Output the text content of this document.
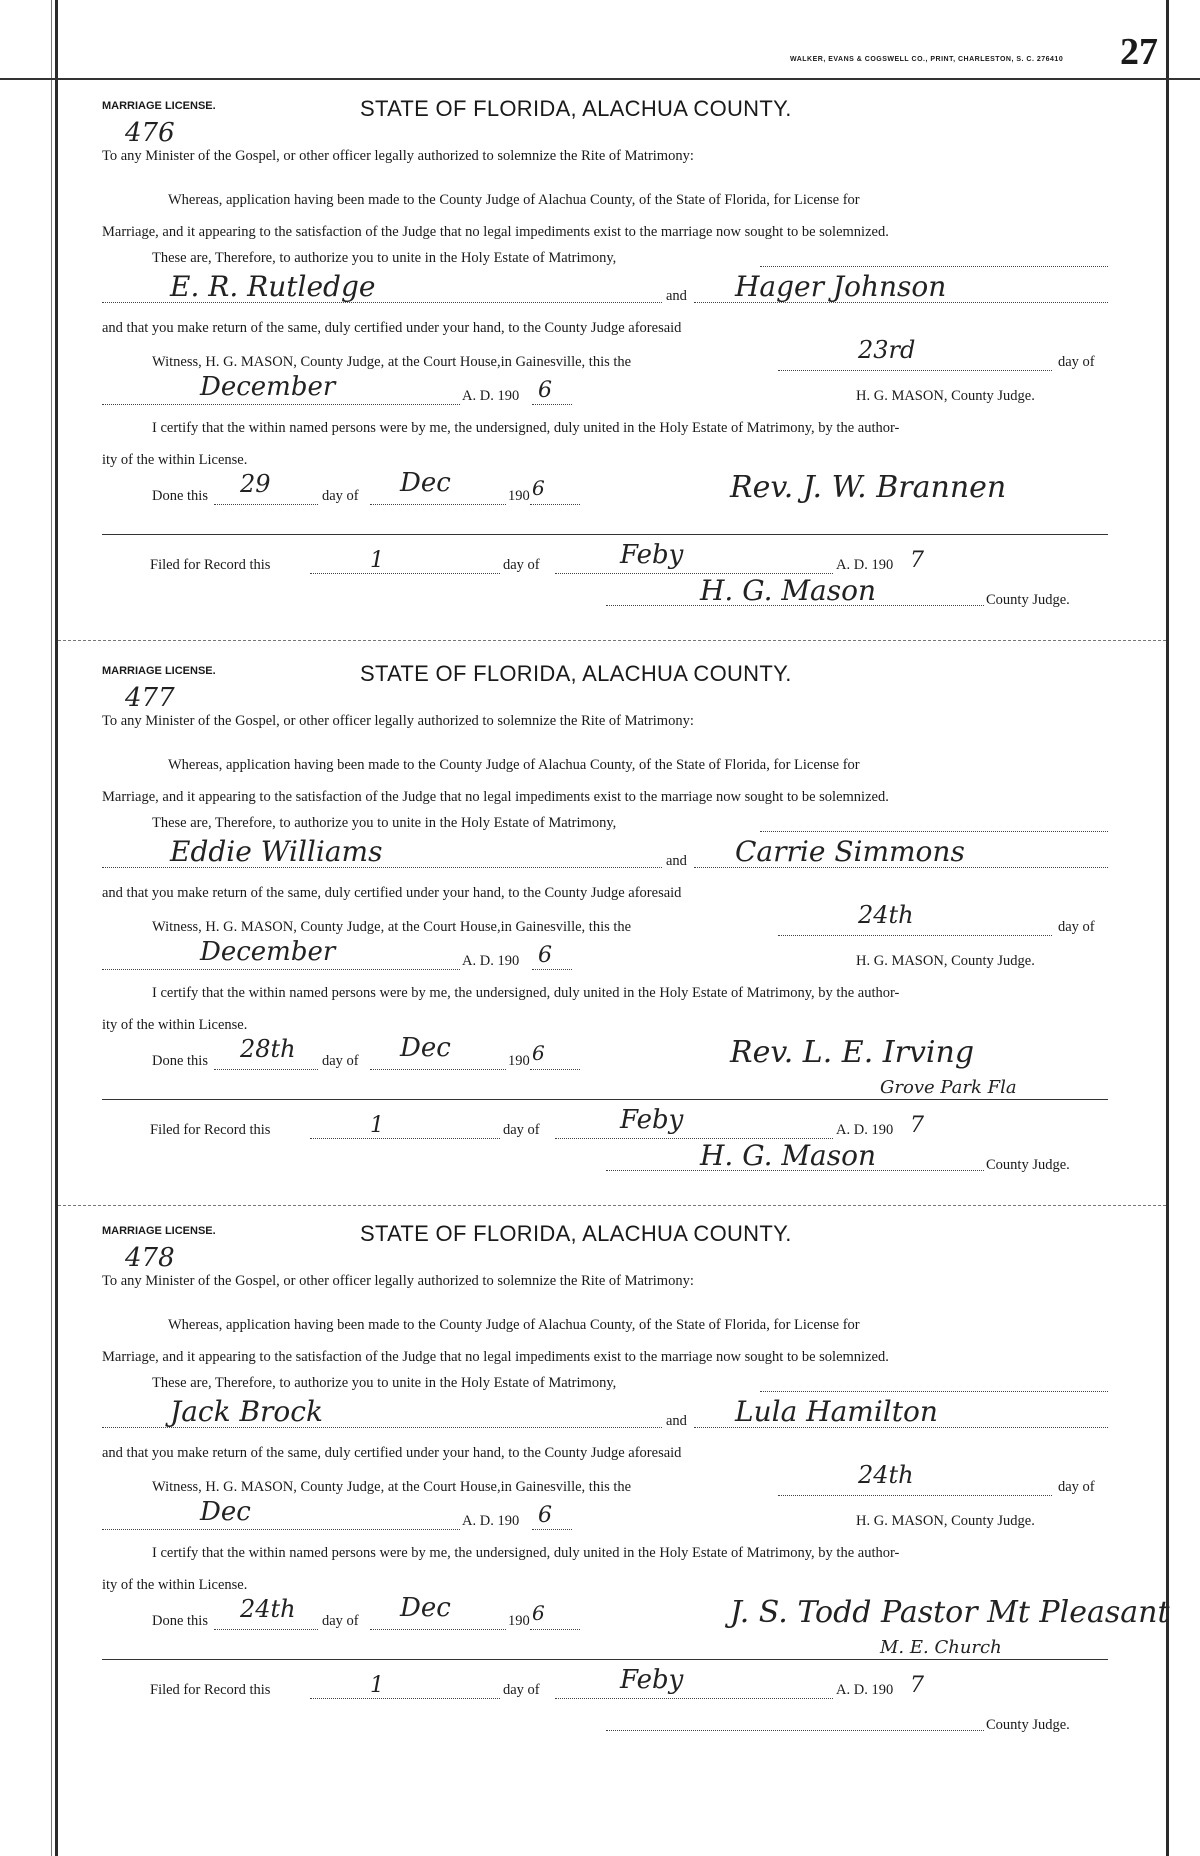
WALKER, EVANS & COGSWELL CO., PRINT, CHARLESTON, S. C. 276410 27
MARRIAGE LICENSE.	STATE OF FLORIDA, ALACHUA COUNTY.
476
To any Minister of the Gospel, or other officer legally authorized to solemnize the Rite of Matrimony:
Whereas, application having been made to the County Judge of Alachua County, of the State of Florida, for License for
Marriage, and it appearing to the satisfaction of the Judge that no legal impediments exist to the marriage now sought to be solemnized.
These are, Therefore, to authorize you to unite in the Holy Estate of Matrimony,
E. R. Rutledge	and Hager Johnson
and that you make return of the same, duly certified under your hand, to the County Judge aforesaid
Witness, H. G. MASON, County Judge, at the Court House,in Gainesville, this the	23rd	day of
December	A. D. 190 6	H. G. MASON, County Judge.
I certify that the within named persons were by me, the undersigned, duly united in the Holy Estate of Matrimony, by the author-
ity of the within License.
Done this 29	day of Dec	190 6	Rev. J. W. Brannen
Filed for Record this	1	day of	Feby	A. D. 190 7
H. G. Mason	County Judge.
MARRIAGE LICENSE.	STATE OF FLORIDA, ALACHUA COUNTY.
477
To any Minister of the Gospel, or other officer legally authorized to solemnize the Rite of Matrimony:
Whereas, application having been made to the County Judge of Alachua County, of the State of Florida, for License for
Marriage, and it appearing to the satisfaction of the Judge that no legal impediments exist to the marriage now sought to be solemnized.
These are, Therefore, to authorize you to unite in the Holy Estate of Matrimony,
Eddie Williams	and Carrie Simmons
and that you make return of the same, duly certified under your hand, to the County Judge aforesaid
Witness, H. G. MASON, County Judge, at the Court House,in Gainesville, this the	24th	day of
December	A. D. 190 6	H. G. MASON, County Judge.
I certify that the within named persons were by me, the undersigned, duly united in the Holy Estate of Matrimony, by the author-
ity of the within License.
Done this 28th day of Dec	190 6	Rev. L. E. Irving
Grove Park Fla
Filed for Record this	1	day of	Feby	A. D. 190 7
H. G. Mason	County Judge.
MARRIAGE LICENSE.	STATE OF FLORIDA, ALACHUA COUNTY.
478
To any Minister of the Gospel, or other officer legally authorized to solemnize the Rite of Matrimony:
Whereas, application having been made to the County Judge of Alachua County, of the State of Florida, for License for
Marriage, and it appearing to the satisfaction of the Judge that no legal impediments exist to the marriage now sought to be solemnized.
These are, Therefore, to authorize you to unite in the Holy Estate of Matrimony,
Jack Brock	and Lula Hamilton
and that you make return of the same, duly certified under your hand, to the County Judge aforesaid
Witness, H. G. MASON, County Judge, at the Court House,in Gainesville, this the	24th	day of
Dec	A. D. 190 6	H. G. MASON, County Judge.
I certify that the within named persons were by me, the undersigned, duly united in the Holy Estate of Matrimony, by the author-
ity of the within License.
Done this 24th day of Dec	190 6	J. S. Todd Pastor Mt Pleasant
M. E. Church
Filed for Record this	1	day of	Feby	A. D. 190 7
County Judge.
